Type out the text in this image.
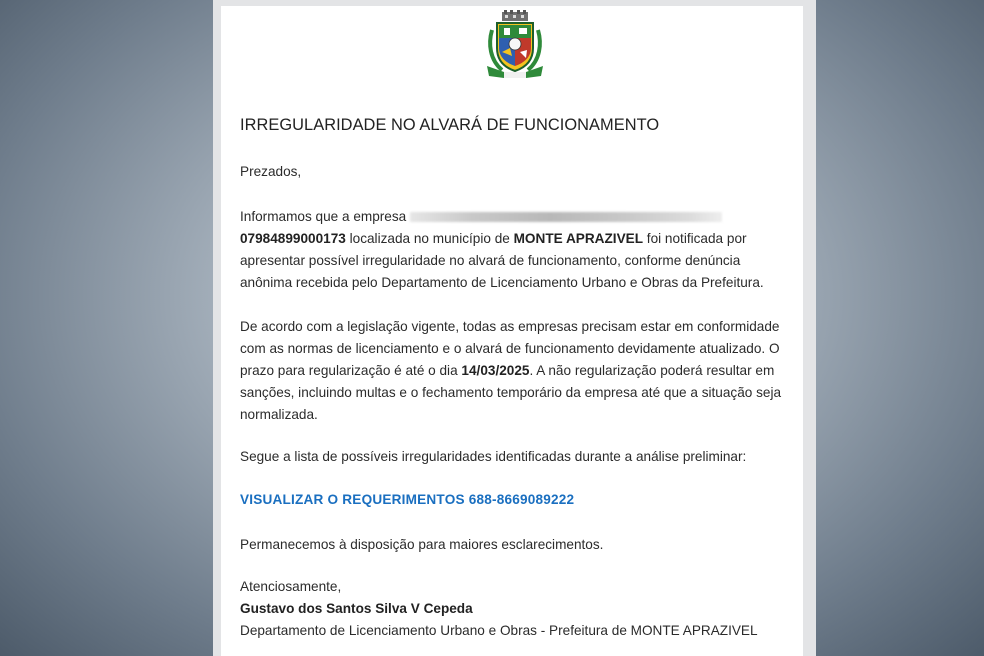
IRREGULARIDADE NO ALVARÁ DE FUNCIONAMENTO

Prezados,

Informamos que a empresa
07984899000173 localizada no município de MONTE APRAZIVEL foi notificada por
apresentar possível irregularidade no alvará de funcionamento, conforme denúncia
anônima recebida pelo Departamento de Licenciamento Urbano e Obras da Prefeitura.
De acordo com a legislação vigente, todas as empresas precisam estar em conformidade
com as normas de licenciamento e o alvará de funcionamento devidamente atualizado. O
prazo para regularização é até o dia 14/03/2025. A não regularização poderá resultar em
sanções, incluindo multas e o fechamento temporário da empresa até que a situação seja
normalizada.

Segue a lista de possíveis irregularidades identificadas durante a análise preliminar:

VISUALIZAR O REQUERIMENTOS 688-8669089222

Permanecemos à disposição para maiores esclarecimentos.

Atenciosamente,
Gustavo dos Santos Silva V Cepeda
Departamento de Licenciamento Urbano e Obras - Prefeitura de MONTE APRAZIVEL
